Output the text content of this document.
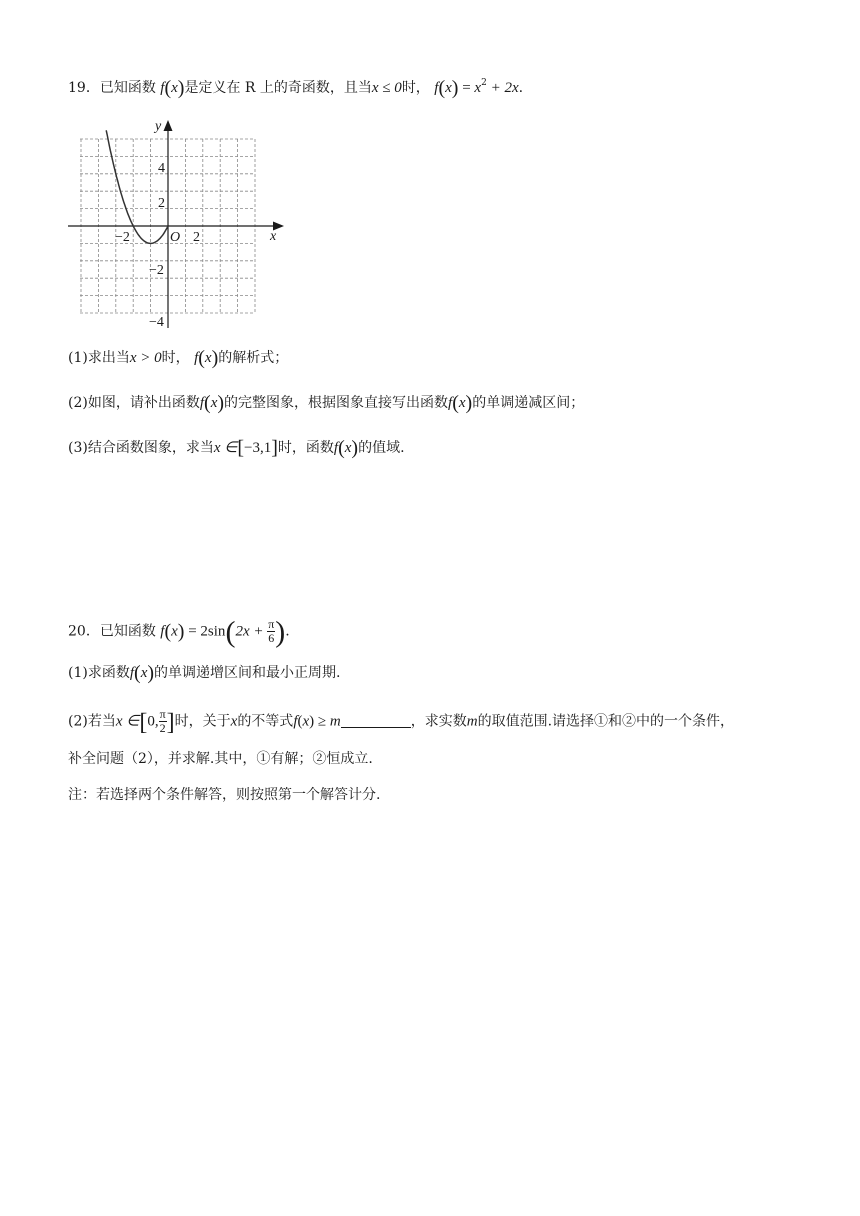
19．已知函数 f(x)是定义在 R 上的奇函数，且当x ≤ 0时， $f(x) = x^2 + 2x$.
y
x
O
−2	2
4
2
−2
−4
(1)求出当x > 0时， f(x)的解析式；
(2)如图，请补出函数f(x)的完整图象，根据图象直接写出函数f(x)的单调递减区间；
(3)结合函数图象，求当x ∈[−3,1]时，函数f(x)的值域.
20．已知函数 $f(x) = 2\sin(2x + \frac{\pi}{6}$ ).
(1)求函数f(x)的单调递增区间和最小正周期.
(2)若当x ∈[0, $\frac{\pi}{2}$ ]时，关于x的不等式f(x) ≥ m	，求实数m的取值范围.请选择①和②中的一个条件，
补全问题（2），并求解.其中，①有解；②恒成立.
注：若选择两个条件解答，则按照第一个解答计分.
